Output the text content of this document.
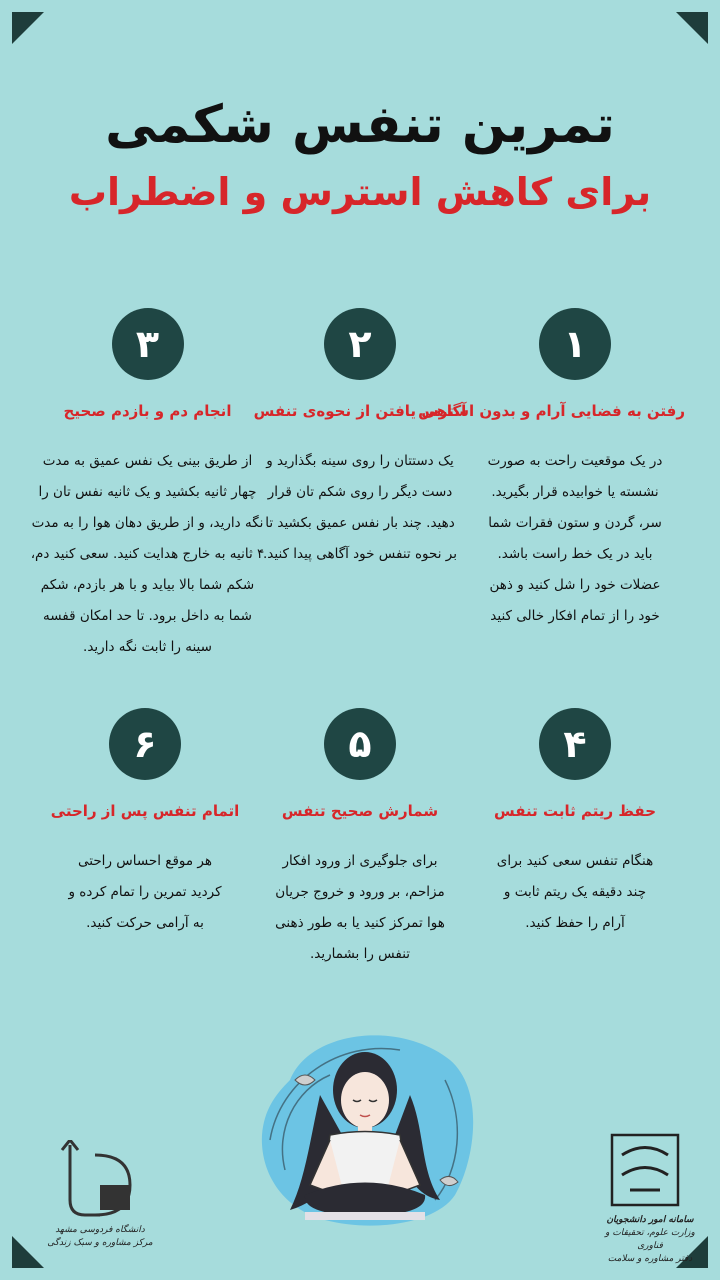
تمرین تنفس شکمی
برای کاهش استرس و اضطراب
۱
رفتن به فضایی آرام و بدون استرس
در یک موقعیت راحت به صورت نشسته یا خوابیده قرار بگیرید. سر، گردن و ستون فقرات شما باید در یک خط راست باشد. عضلات خود را شل کنید و ذهن خود را از تمام افکار خالی کنید
۲
آگاهی یافتن از نحوه‌ی تنفس
یک دستتان را روی سینه بگذارید و دست دیگر را روی شکم تان قرار دهید. چند بار نفس عمیق بکشید تا بر نحوه تنفس خود آگاهی پیدا کنید.
۳
انجام دم و بازدم صحیح
از طریق بینی یک نفس عمیق به مدت چهار ثانیه بکشید و یک ثانیه نفس تان را نگه دارید، و از طریق دهان هوا را به مدت ۴ ثانیه به خارج هدایت کنید. سعی کنید دم، شکم شما بالا بیاید و با هر بازدم، شکم شما به داخل برود. تا حد امکان قفسه سینه را ثابت نگه دارید.
۴
حفظ ریتم ثابت تنفس
هنگام تنفس سعی کنید برای چند دقیقه یک ریتم ثابت و آرام را حفظ کنید.
۵
شمارش صحیح تنفس
برای جلوگیری از ورود افکار مزاحم، بر ورود و خروج جریان هوا تمرکز کنید یا به طور ذهنی تنفس را بشمارید.
۶
اتمام تنفس پس از راحتی
هر موقع احساس راحتی کردید تمرین را تمام کرده و به آرامی حرکت کنید.
دانشگاه فردوسی مشهد
مرکز مشاوره و سبک زندگی
سامانه امور دانشجویان
وزارت علوم، تحقیقات و فناوری
دفتر مشاوره و سلامت
